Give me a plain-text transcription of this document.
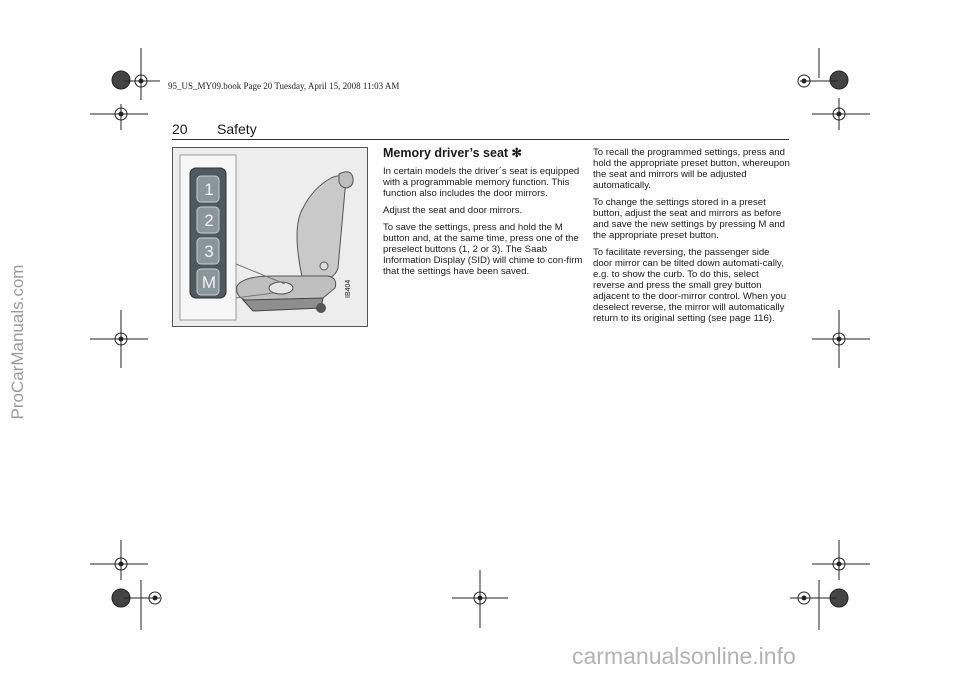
95_US_MY09.book Page 20 Tuesday, April 15, 2008 11:03 AM
ProCarManuals.com
20 Safety
1
2
3
M	IB404
Memory driver’s seat ✻

In certain models the driver´s seat is equipped with a programmable memory function. This function also includes the door mirrors.

Adjust the seat and door mirrors.

To save the settings, press and hold the M button and, at the same time, press one of the preselect buttons (1, 2 or 3). The Saab Information Display (SID) will chime to con-firm that the settings have been saved.

To recall the programmed settings, press and hold the appropriate preset button, whereupon the seat and mirrors will be adjusted automatically.

To change the settings stored in a preset button, adjust the seat and mirrors as before and save the new settings by pressing M and the appropriate preset button.

To facilitate reversing, the passenger side door mirror can be tilted down automati-cally, e.g. to show the curb. To do this, select reverse and press the small grey button adjacent to the door-mirror control. When you deselect reverse, the mirror will automatically return to its original setting (see page 116).

carmanualsonline.info
